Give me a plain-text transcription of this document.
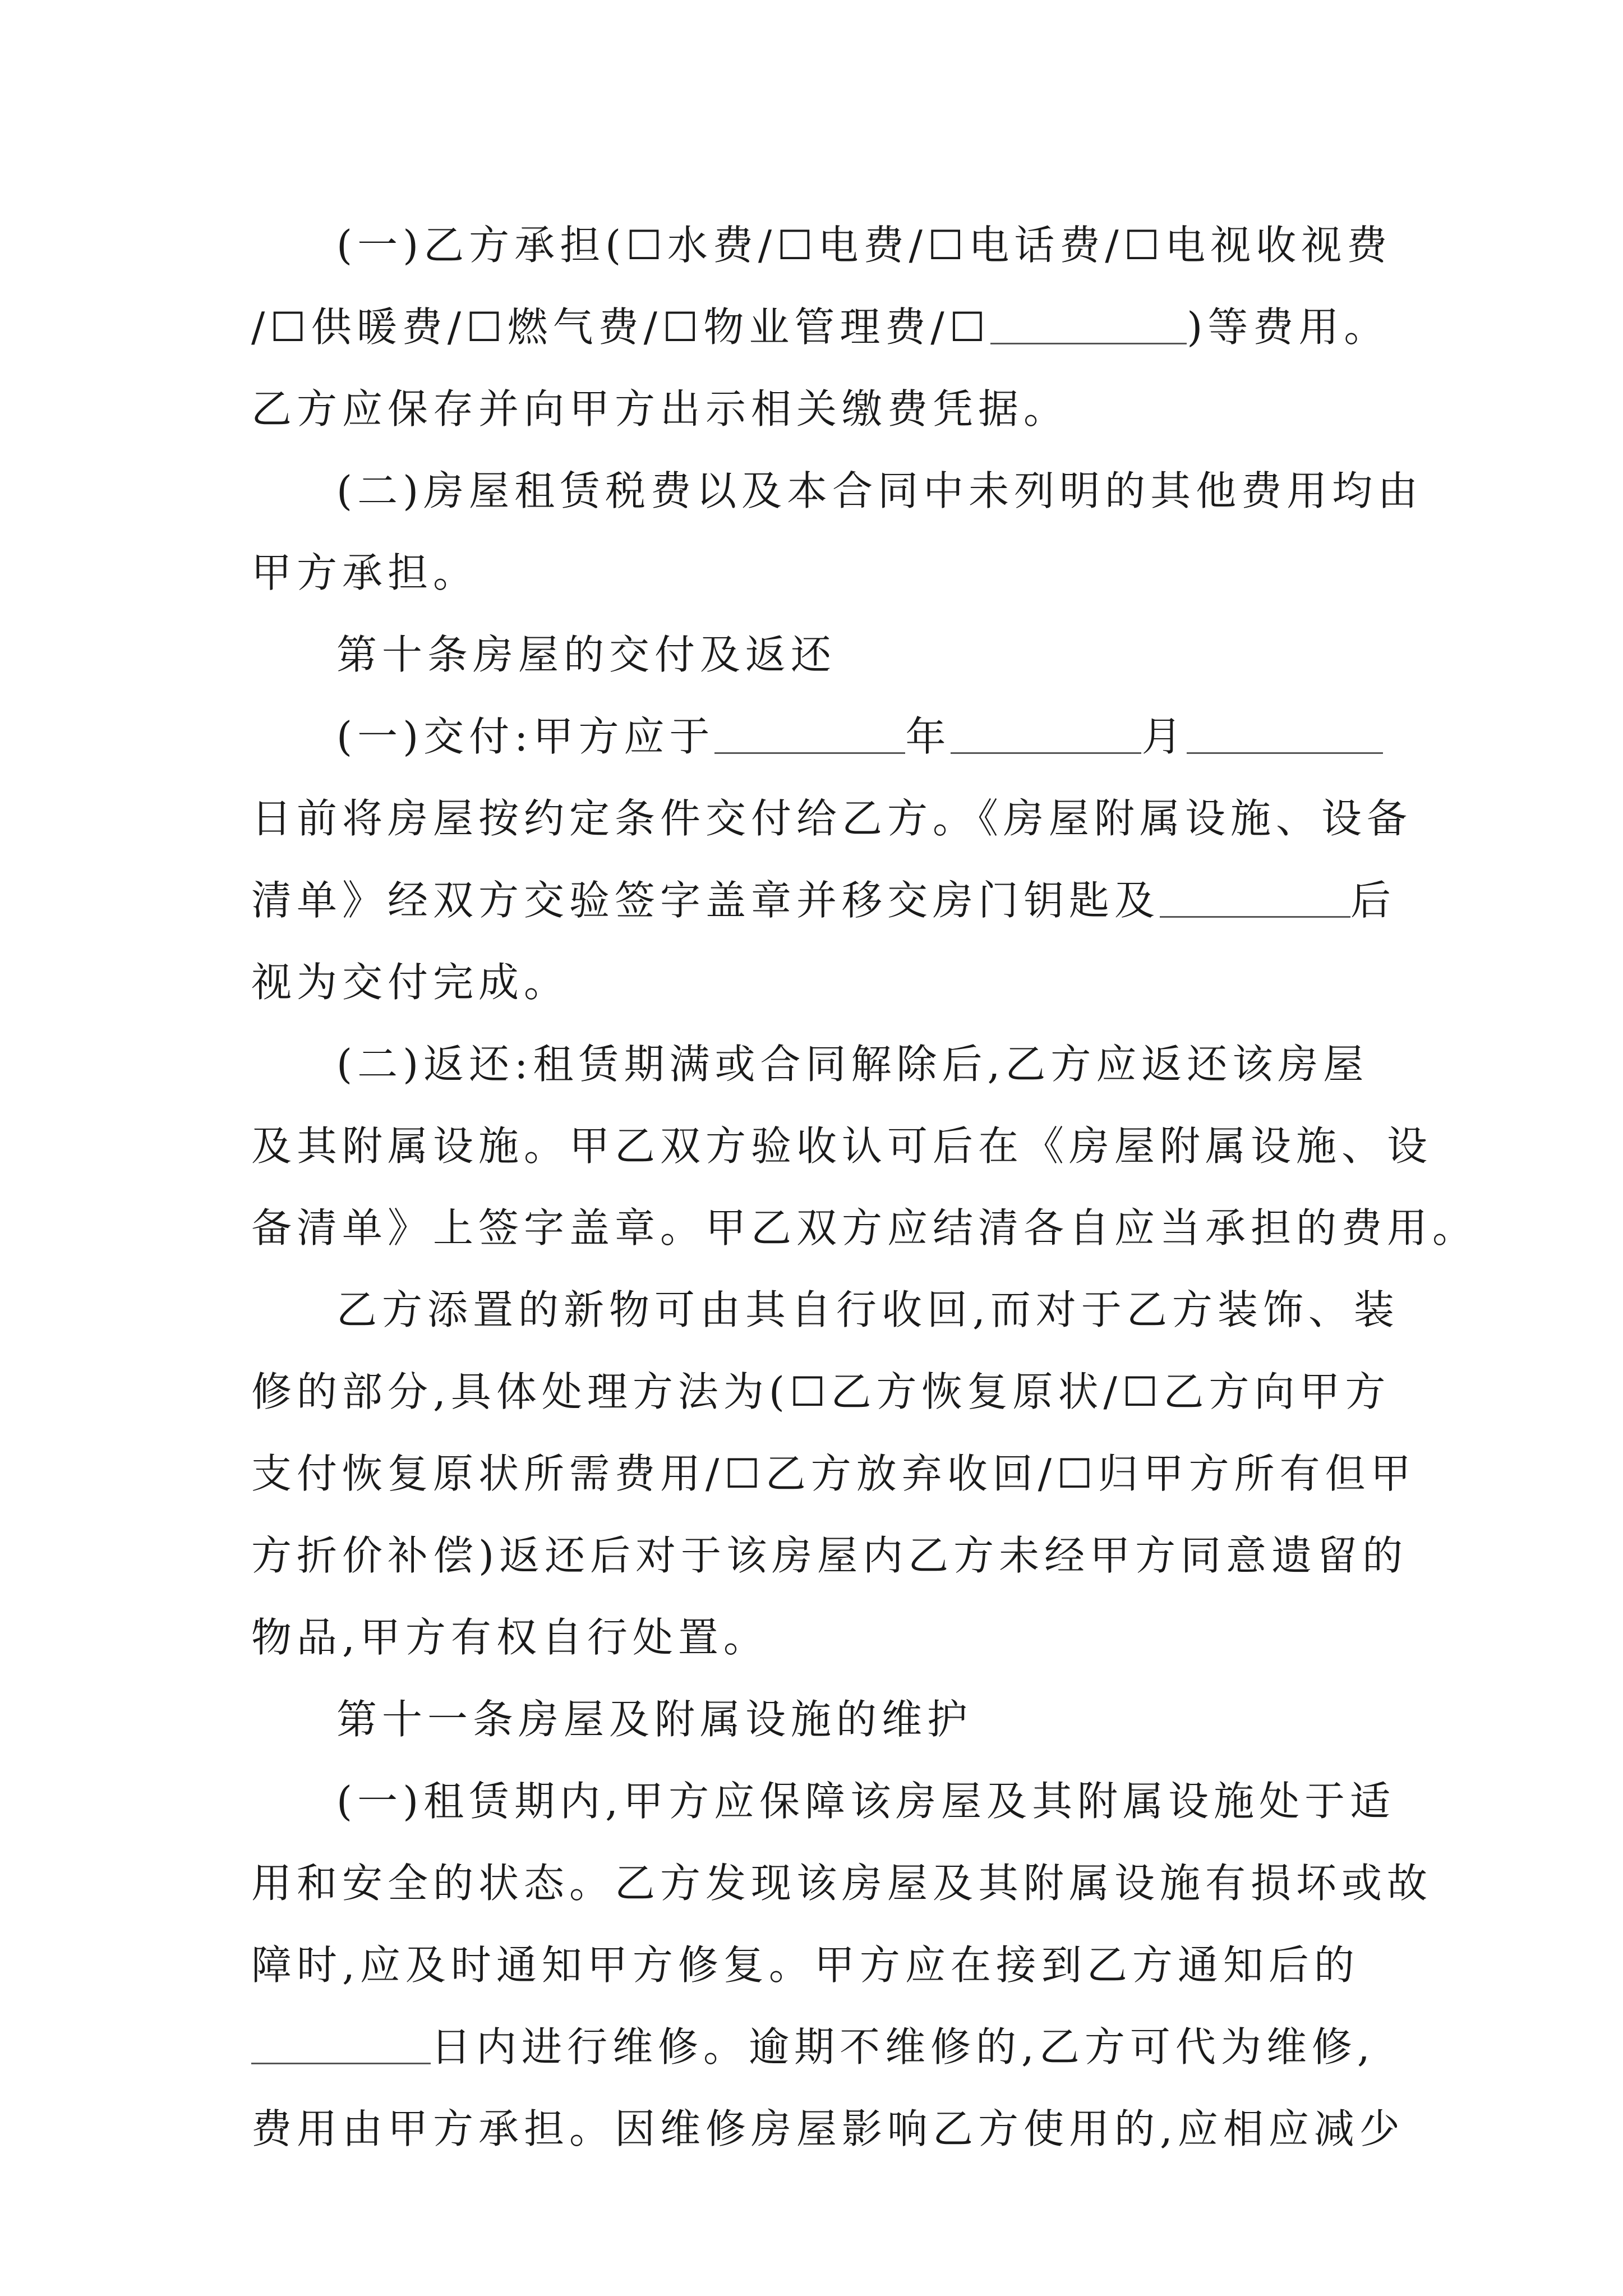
(一)乙方承担(☐水费/☐电费/☐电话费/☐电视收视费
/☐供暖费/☐燃气费/☐物业管理费/☐	)等费用。
乙方应保存并向甲方出示相关缴费凭据。
(二)房屋租赁税费以及本合同中未列明的其他费用均由
甲方承担。
第十条房屋的交付及返还
(一)交付:甲方应于	年	月
日前将房屋按约定条件交付给乙方。《房屋附属设施、设备
清单》经双方交验签字盖章并移交房门钥匙及	后
视为交付完成。
(二)返还:租赁期满或合同解除后,乙方应返还该房屋
及其附属设施。甲乙双方验收认可后在《房屋附属设施、设
备清单》上签字盖章。甲乙双方应结清各自应当承担的费用。
乙方添置的新物可由其自行收回,而对于乙方装饰、装
修的部分,具体处理方法为(☐乙方恢复原状/☐乙方向甲方
支付恢复原状所需费用/☐乙方放弃收回/☐归甲方所有但甲
方折价补偿)返还后对于该房屋内乙方未经甲方同意遗留的
物品,甲方有权自行处置。
第十一条房屋及附属设施的维护
(一)租赁期内,甲方应保障该房屋及其附属设施处于适
用和安全的状态。乙方发现该房屋及其附属设施有损坏或故
障时,应及时通知甲方修复。甲方应在接到乙方通知后的
日内进行维修。逾期不维修的,乙方可代为维修,
费用由甲方承担。因维修房屋影响乙方使用的,应相应减少
